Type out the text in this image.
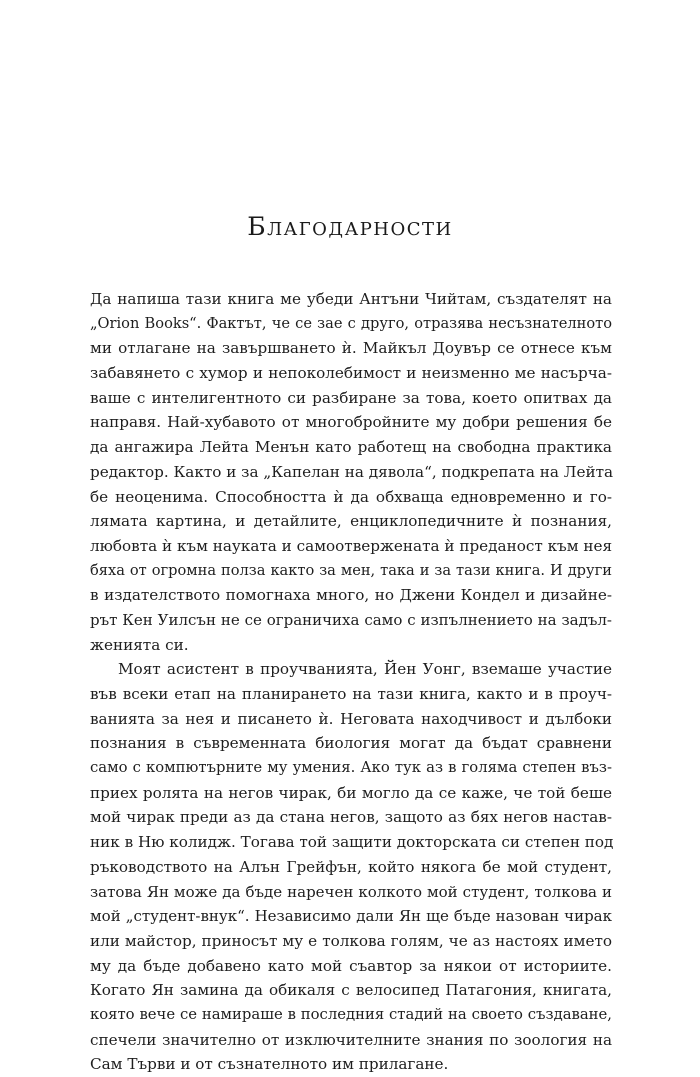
Благодарности
Да напиша тази книга ме убеди Антъни Чийтам, създателят на
„Orion Books“. Фактът, че се зае с друго, отразява несъзнателното
ми отлагане на завършването ѝ. Майкъл Доувър се отнесе към
забавянето с хумор и непоколебимост и неизменно ме насърча-
ваше с интелигентното си разбиране за това, което опитвах да
направя. Най-хубавото от многобройните му добри решения бе
да ангажира Лейта Менън като работещ на свободна практика
редактор. Както и за „Капелан на дявола“, подкрепата на Лейта
бе неоценима. Способността ѝ да обхваща едновременно и го-
лямата картина, и детайлите, енциклопедичните ѝ познания,
любовта ѝ към науката и самоотвержената ѝ преданост към нея
бяха от огромна полза както за мен, така и за тази книга. И други
в издателството помогнаха много, но Джени Кондел и дизайне-
рът Кен Уилсън не се ограничиха само с изпълнението на задъл-
женията си.
Моят асистент в проучванията, Йен Уонг, вземаше участие
във всеки етап на планирането на тази книга, както и в проуч-
ванията за нея и писането ѝ. Неговата находчивост и дълбоки
познания в съвременната биология могат да бъдат сравнени
само с компютърните му умения. Ако тук аз в голяма степен въз-
приех ролята на негов чирак, би могло да се каже, че той беше
мой чирак преди аз да стана негов, защото аз бях негов настав-
ник в Ню колидж. Тогава той защити докторската си степен под
ръководството на Алън Грейфън, който някога бе мой студент,
затова Ян може да бъде наречен колкото мой студент, толкова и
мой „студент-внук“. Независимо дали Ян ще бъде назован чирак
или майстор, приносът му е толкова голям, че аз настоях името
му да бъде добавено като мой съавтор за някои от историите.
Когато Ян замина да обикаля с велосипед Патагония, книгата,
която вече се намираше в последния стадий на своето създаване,
спечели значително от изключителните знания по зоология на
Сам Търви и от съзнателното им прилагане.
